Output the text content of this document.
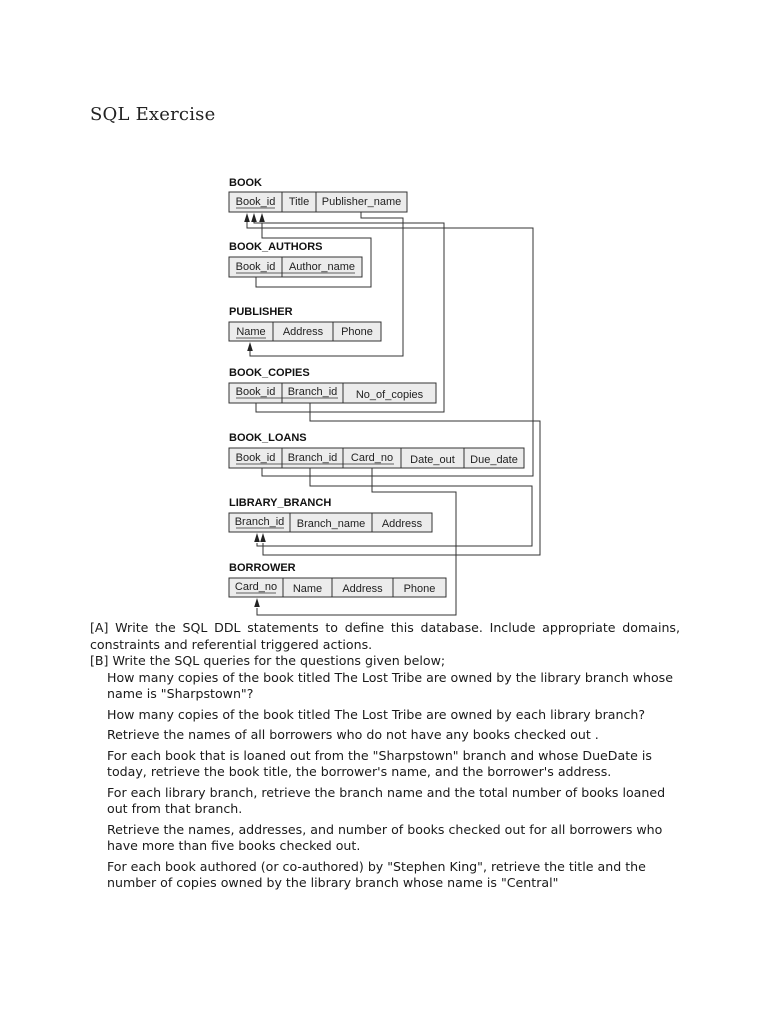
SQL Exercise
BOOK
Book_id Title Publisher_name
BOOK_AUTHORS
Book_id Author_name
PUBLISHER
Name Address Phone
BOOK_COPIES
Book_id Branch_id No_of_copies
BOOK_LOANS
Book_id Branch_id Card_no Date_out Due_date
LIBRARY_BRANCH
Branch_id Branch_name Address
BORROWER
Card_no Name Address Phone

[A] Write the SQL DDL statements to define this database. Include appropriate domains, constraints and referential triggered actions.

[B] Write the SQL queries for the questions given below;

How many copies of the book titled The Lost Tribe are owned by the library branch whose name is "Sharpstown"?
How many copies of the book titled The Lost Tribe are owned by each library branch?
Retrieve the names of all borrowers who do not have any books checked out .
For each book that is loaned out from the "Sharpstown" branch and whose DueDate is today, retrieve the book title, the borrower's name, and the borrower's address.
For each library branch, retrieve the branch name and the total number of books loaned out from that branch.
Retrieve the names, addresses, and number of books checked out for all borrowers who have more than five books checked out.
For each book authored (or co-authored) by "Stephen King", retrieve the title and the number of copies owned by the library branch whose name is "Central"
